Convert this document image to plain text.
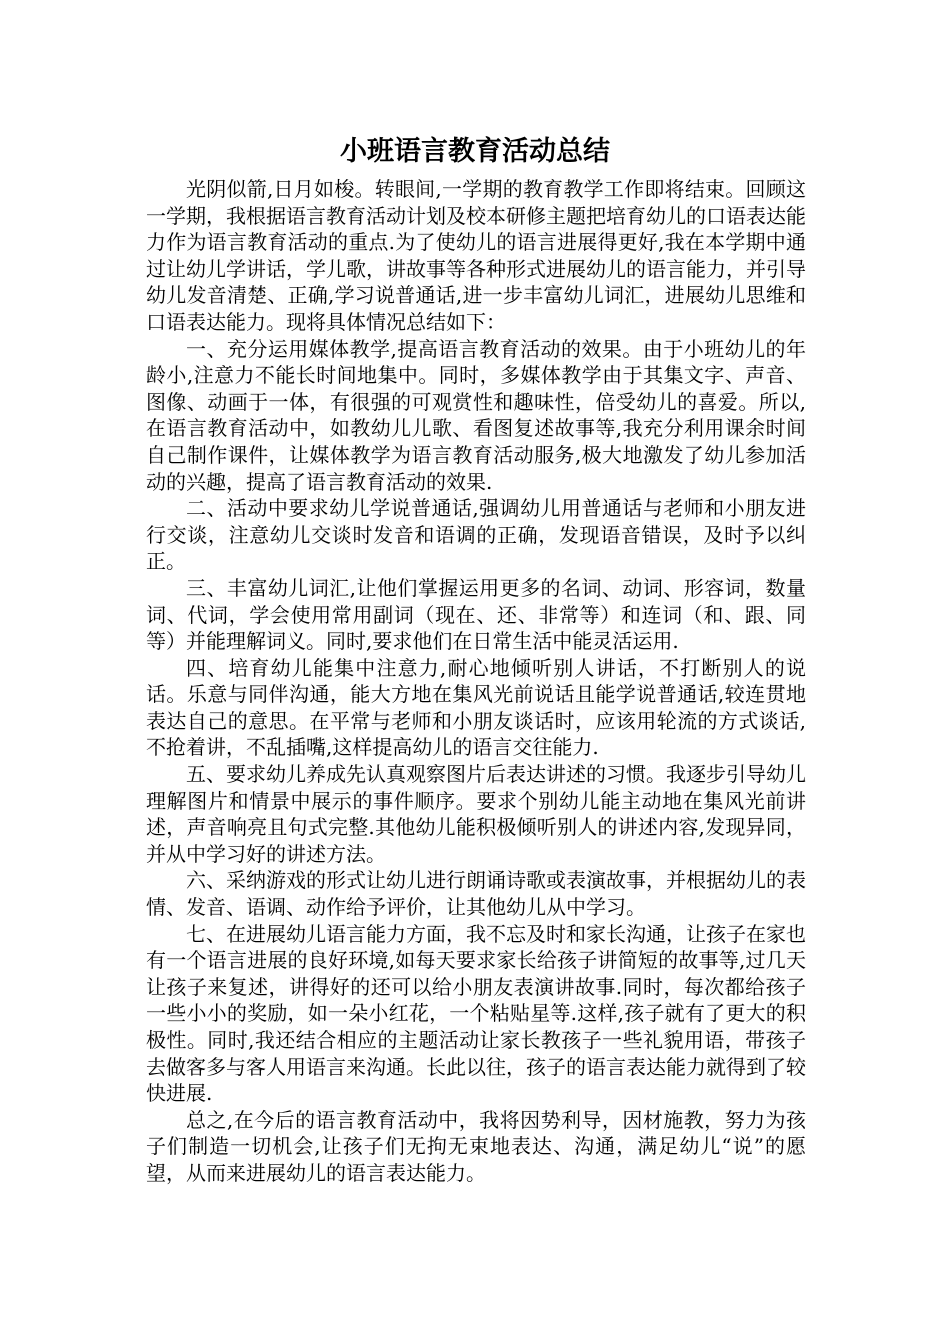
小班语言教育活动总结

光阴似箭,日月如梭。转眼间,一学期的教育教学工作即将结束。回顾这一学期，我根据语言教育活动计划及校本研修主题把培育幼儿的口语表达能力作为语言教育活动的重点.为了使幼儿的语言进展得更好,我在本学期中通过让幼儿学讲话，学儿歌，讲故事等各种形式进展幼儿的语言能力，并引导幼儿发音清楚、正确,学习说普通话,进一步丰富幼儿词汇，进展幼儿思维和口语表达能力。现将具体情况总结如下：

一、充分运用媒体教学,提高语言教育活动的效果。由于小班幼儿的年龄小,注意力不能长时间地集中。同时，多媒体教学由于其集文字、声音、图像、动画于一体，有很强的可观赏性和趣味性，倍受幼儿的喜爱。所以,在语言教育活动中，如教幼儿儿歌、看图复述故事等,我充分利用课余时间自己制作课件，让媒体教学为语言教育活动服务,极大地激发了幼儿参加活动的兴趣，提高了语言教育活动的效果.

二、活动中要求幼儿学说普通话,强调幼儿用普通话与老师和小朋友进行交谈，注意幼儿交谈时发音和语调的正确，发现语音错误，及时予以纠正。

三、丰富幼儿词汇,让他们掌握运用更多的名词、动词、形容词，数量词、代词，学会使用常用副词（现在、还、非常等）和连词（和、跟、同等）并能理解词义。同时,要求他们在日常生活中能灵活运用.

四、培育幼儿能集中注意力,耐心地倾听别人讲话，不打断别人的说话。乐意与同伴沟通，能大方地在集风光前说话且能学说普通话,较连贯地表达自己的意思。在平常与老师和小朋友谈话时，应该用轮流的方式谈话,不抢着讲，不乱插嘴,这样提高幼儿的语言交往能力.

五、要求幼儿养成先认真观察图片后表达讲述的习惯。我逐步引导幼儿理解图片和情景中展示的事件顺序。要求个别幼儿能主动地在集风光前讲述，声音响亮且句式完整.其他幼儿能积极倾听别人的讲述内容,发现异同，并从中学习好的讲述方法。

六、采纳游戏的形式让幼儿进行朗诵诗歌或表演故事，并根据幼儿的表情、发音、语调、动作给予评价，让其他幼儿从中学习。

七、在进展幼儿语言能力方面，我不忘及时和家长沟通，让孩子在家也有一个语言进展的良好环境,如每天要求家长给孩子讲简短的故事等,过几天让孩子来复述，讲得好的还可以给小朋友表演讲故事.同时，每次都给孩子一些小小的奖励，如一朵小红花，一个粘贴星等.这样,孩子就有了更大的积极性。同时,我还结合相应的主题活动让家长教孩子一些礼貌用语，带孩子去做客多与客人用语言来沟通。长此以往，孩子的语言表达能力就得到了较快进展.

总之,在今后的语言教育活动中，我将因势利导，因材施教，努力为孩子们制造一切机会,让孩子们无拘无束地表达、沟通，满足幼儿“说”的愿望，从而来进展幼儿的语言表达能力。
